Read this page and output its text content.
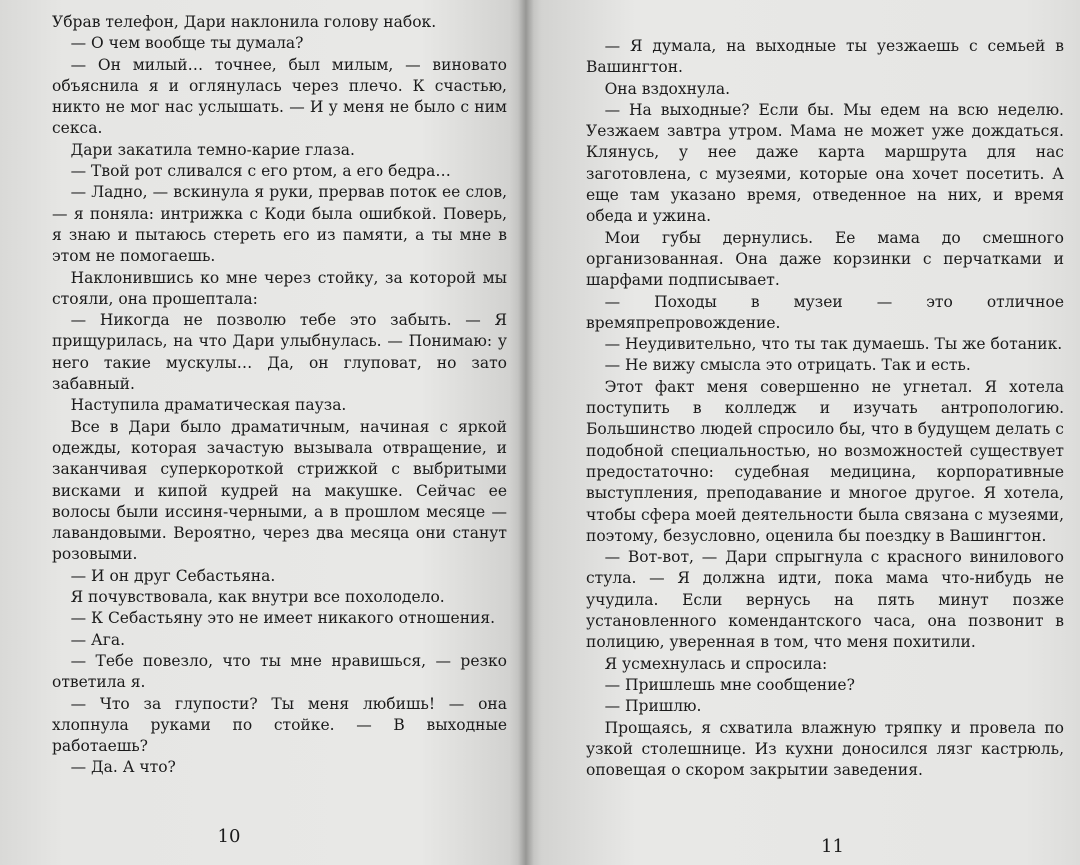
Убрав телефон, Дари наклонила голову набок.

— О чем вообще ты думала?

— Он милый… точнее, был милым, — виновато объяснила я и оглянулась через плечо. К счастью, никто не мог нас услышать. — И у меня не было с ним секса.

Дари закатила темно-карие глаза.

— Твой рот сливался с его ртом, а его бедра…

— Ладно, — вскинула я руки, прервав поток ее слов, — я поняла: интрижка с Коди была ошибкой. Поверь, я знаю и пытаюсь стереть его из памяти, а ты мне в этом не помогаешь.

Наклонившись ко мне через стойку, за которой мы стояли, она прошептала:

— Никогда не позволю тебе это забыть. — Я прищурилась, на что Дари улыбнулась. — Понимаю: у него такие мускулы… Да, он глуповат, но зато забавный.

Наступила драматическая пауза.

Все в Дари было драматичным, начиная с яркой одежды, которая зачастую вызывала отвращение, и заканчивая суперкороткой стрижкой с выбритыми висками и кипой кудрей на макушке. Сейчас ее волосы были иссиня-черными, а в прошлом месяце — лавандовыми. Вероятно, через два месяца они станут розовыми.

— И он друг Себастьяна.

Я почувствовала, как внутри все похолодело.

— К Себастьяну это не имеет никакого отношения.

— Ага.

— Тебе повезло, что ты мне нравишься, — резко ответила я.

— Что за глупости? Ты меня любишь! — она хлопнула руками по стойке. — В выходные работаешь?

— Да. А что?

10

— Я думала, на выходные ты уезжаешь с семьей в Вашингтон.

Она вздохнула.

— На выходные? Если бы. Мы едем на всю неделю. Уезжаем завтра утром. Мама не может уже дождаться. Клянусь, у нее даже карта маршрута для нас заготовлена, с музеями, которые она хочет посетить. А еще там указано время, отведенное на них, и время обеда и ужина.

Мои губы дернулись. Ее мама до смешного организованная. Она даже корзинки с перчатками и шарфами подписывает.

— Походы в музеи — это отличное времяпрепровождение.

— Неудивительно, что ты так думаешь. Ты же ботаник.

— Не вижу смысла это отрицать. Так и есть.

Этот факт меня совершенно не угнетал. Я хотела поступить в колледж и изучать антропологию. Большинство людей спросило бы, что в будущем делать с подобной специальностью, но возможностей существует предостаточно: судебная медицина, корпоративные выступления, преподавание и многое другое. Я хотела, чтобы сфера моей деятельности была связана с музеями, поэтому, безусловно, оценила бы поездку в Вашингтон.

— Вот-вот, — Дари спрыгнула с красного винилового стула. — Я должна идти, пока мама что-нибудь не учудила. Если вернусь на пять минут позже установленного комендантского часа, она позвонит в полицию, уверенная в том, что меня похитили.

Я усмехнулась и спросила:

— Пришлешь мне сообщение?

— Пришлю.

Прощаясь, я схватила влажную тряпку и провела по узкой столешнице. Из кухни доносился лязг кастрюль, оповещая о скором закрытии заведения.

11
